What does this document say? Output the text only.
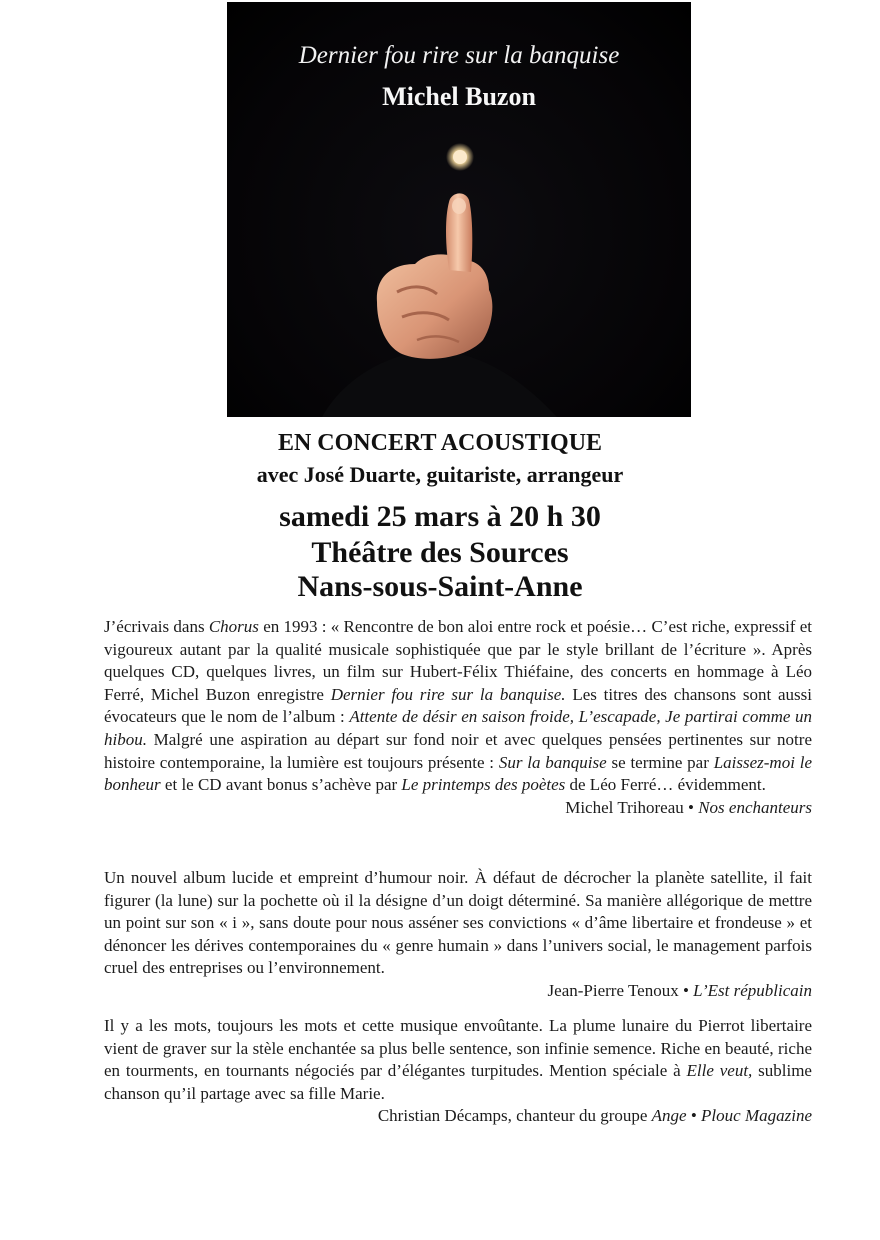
Dernier fou rire sur la banquise
Michel Buzon
EN CONCERT ACOUSTIQUE
avec José Duarte, guitariste, arrangeur
samedi 25 mars à 20 h 30
Théâtre des Sources
Nans-sous-Saint-Anne

J’écrivais dans Chorus en 1993 : « Rencontre de bon aloi entre rock et poésie… C’est riche, expressif et vigoureux autant par la qualité musicale sophistiquée que par le style brillant de l’écriture ». Après quelques CD, quelques livres, un film sur Hubert-Félix Thiéfaine, des concerts en hommage à Léo Ferré, Michel Buzon enregistre Dernier fou rire sur la banquise. Les titres des chansons sont aussi évocateurs que le nom de l’album : Attente de désir en saison froide, L’escapade, Je partirai comme un hibou. Malgré une aspiration au départ sur fond noir et avec quelques pensées pertinentes sur notre histoire contemporaine, la lumière est toujours présente : Sur la banquise se termine par Laissez-moi le bonheur et le CD avant bonus s’achève par Le printemps des poètes de Léo Ferré… évidemment.

Michel Trihoreau • Nos enchanteurs

Un nouvel album lucide et empreint d’humour noir. À défaut de décrocher la planète satellite, il fait figurer (la lune) sur la pochette où il la désigne d’un doigt déterminé. Sa manière allégorique de mettre un point sur son « i », sans doute pour nous asséner ses convictions « d’âme libertaire et frondeuse » et dénoncer les dérives contemporaines du « genre humain » dans l’univers social, le management parfois cruel des entreprises ou l’environnement.

Jean-Pierre Tenoux • L’Est républicain

Il y a les mots, toujours les mots et cette musique envoûtante. La plume lunaire du Pierrot libertaire vient de graver sur la stèle enchantée sa plus belle sentence, son infinie semence. Riche en beauté, riche en tourments, en tournants négociés par d’élégantes turpitudes. Mention spéciale à Elle veut, sublime chanson qu’il partage avec sa fille Marie.

Christian Décamps, chanteur du groupe Ange • Plouc Magazine
